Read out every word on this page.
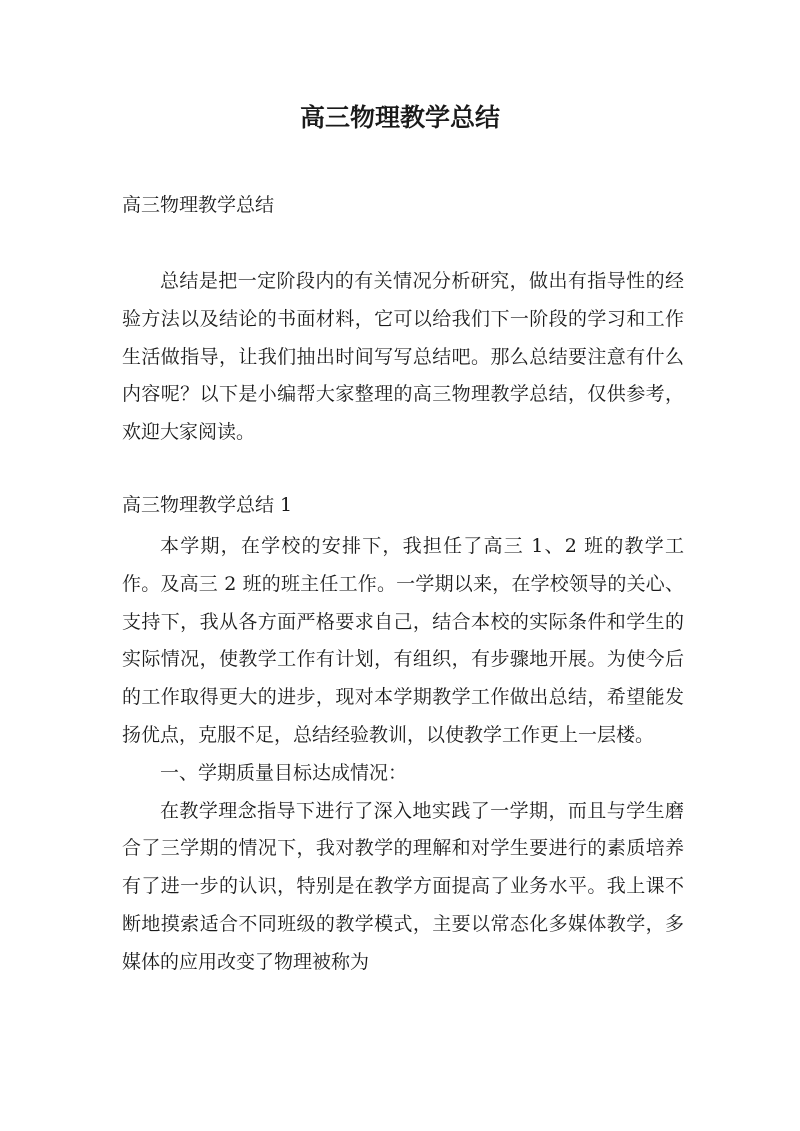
高三物理教学总结

高三物理教学总结

总结是把一定阶段内的有关情况分析研究，做出有指导性的经验方法以及结论的书面材料，它可以给我们下一阶段的学习和工作生活做指导，让我们抽出时间写写总结吧。那么总结要注意有什么内容呢？以下是小编帮大家整理的高三物理教学总结，仅供参考，欢迎大家阅读。

高三物理教学总结 1

本学期，在学校的安排下，我担任了高三 1、2 班的教学工作。及高三 2 班的班主任工作。一学期以来，在学校领导的关心、支持下，我从各方面严格要求自己，结合本校的实际条件和学生的实际情况，使教学工作有计划，有组织，有步骤地开展。为使今后的工作取得更大的进步，现对本学期教学工作做出总结，希望能发扬优点，克服不足，总结经验教训，以使教学工作更上一层楼。
一、学期质量目标达成情况：
在教学理念指导下进行了深入地实践了一学期，而且与学生磨合了三学期的情况下，我对教学的理解和对学生要进行的素质培养有了进一步的认识，特别是在教学方面提高了业务水平。我上课不断地摸索适合不同班级的教学模式，主要以常态化多媒体教学，多媒体的应用改变了物理被称为
